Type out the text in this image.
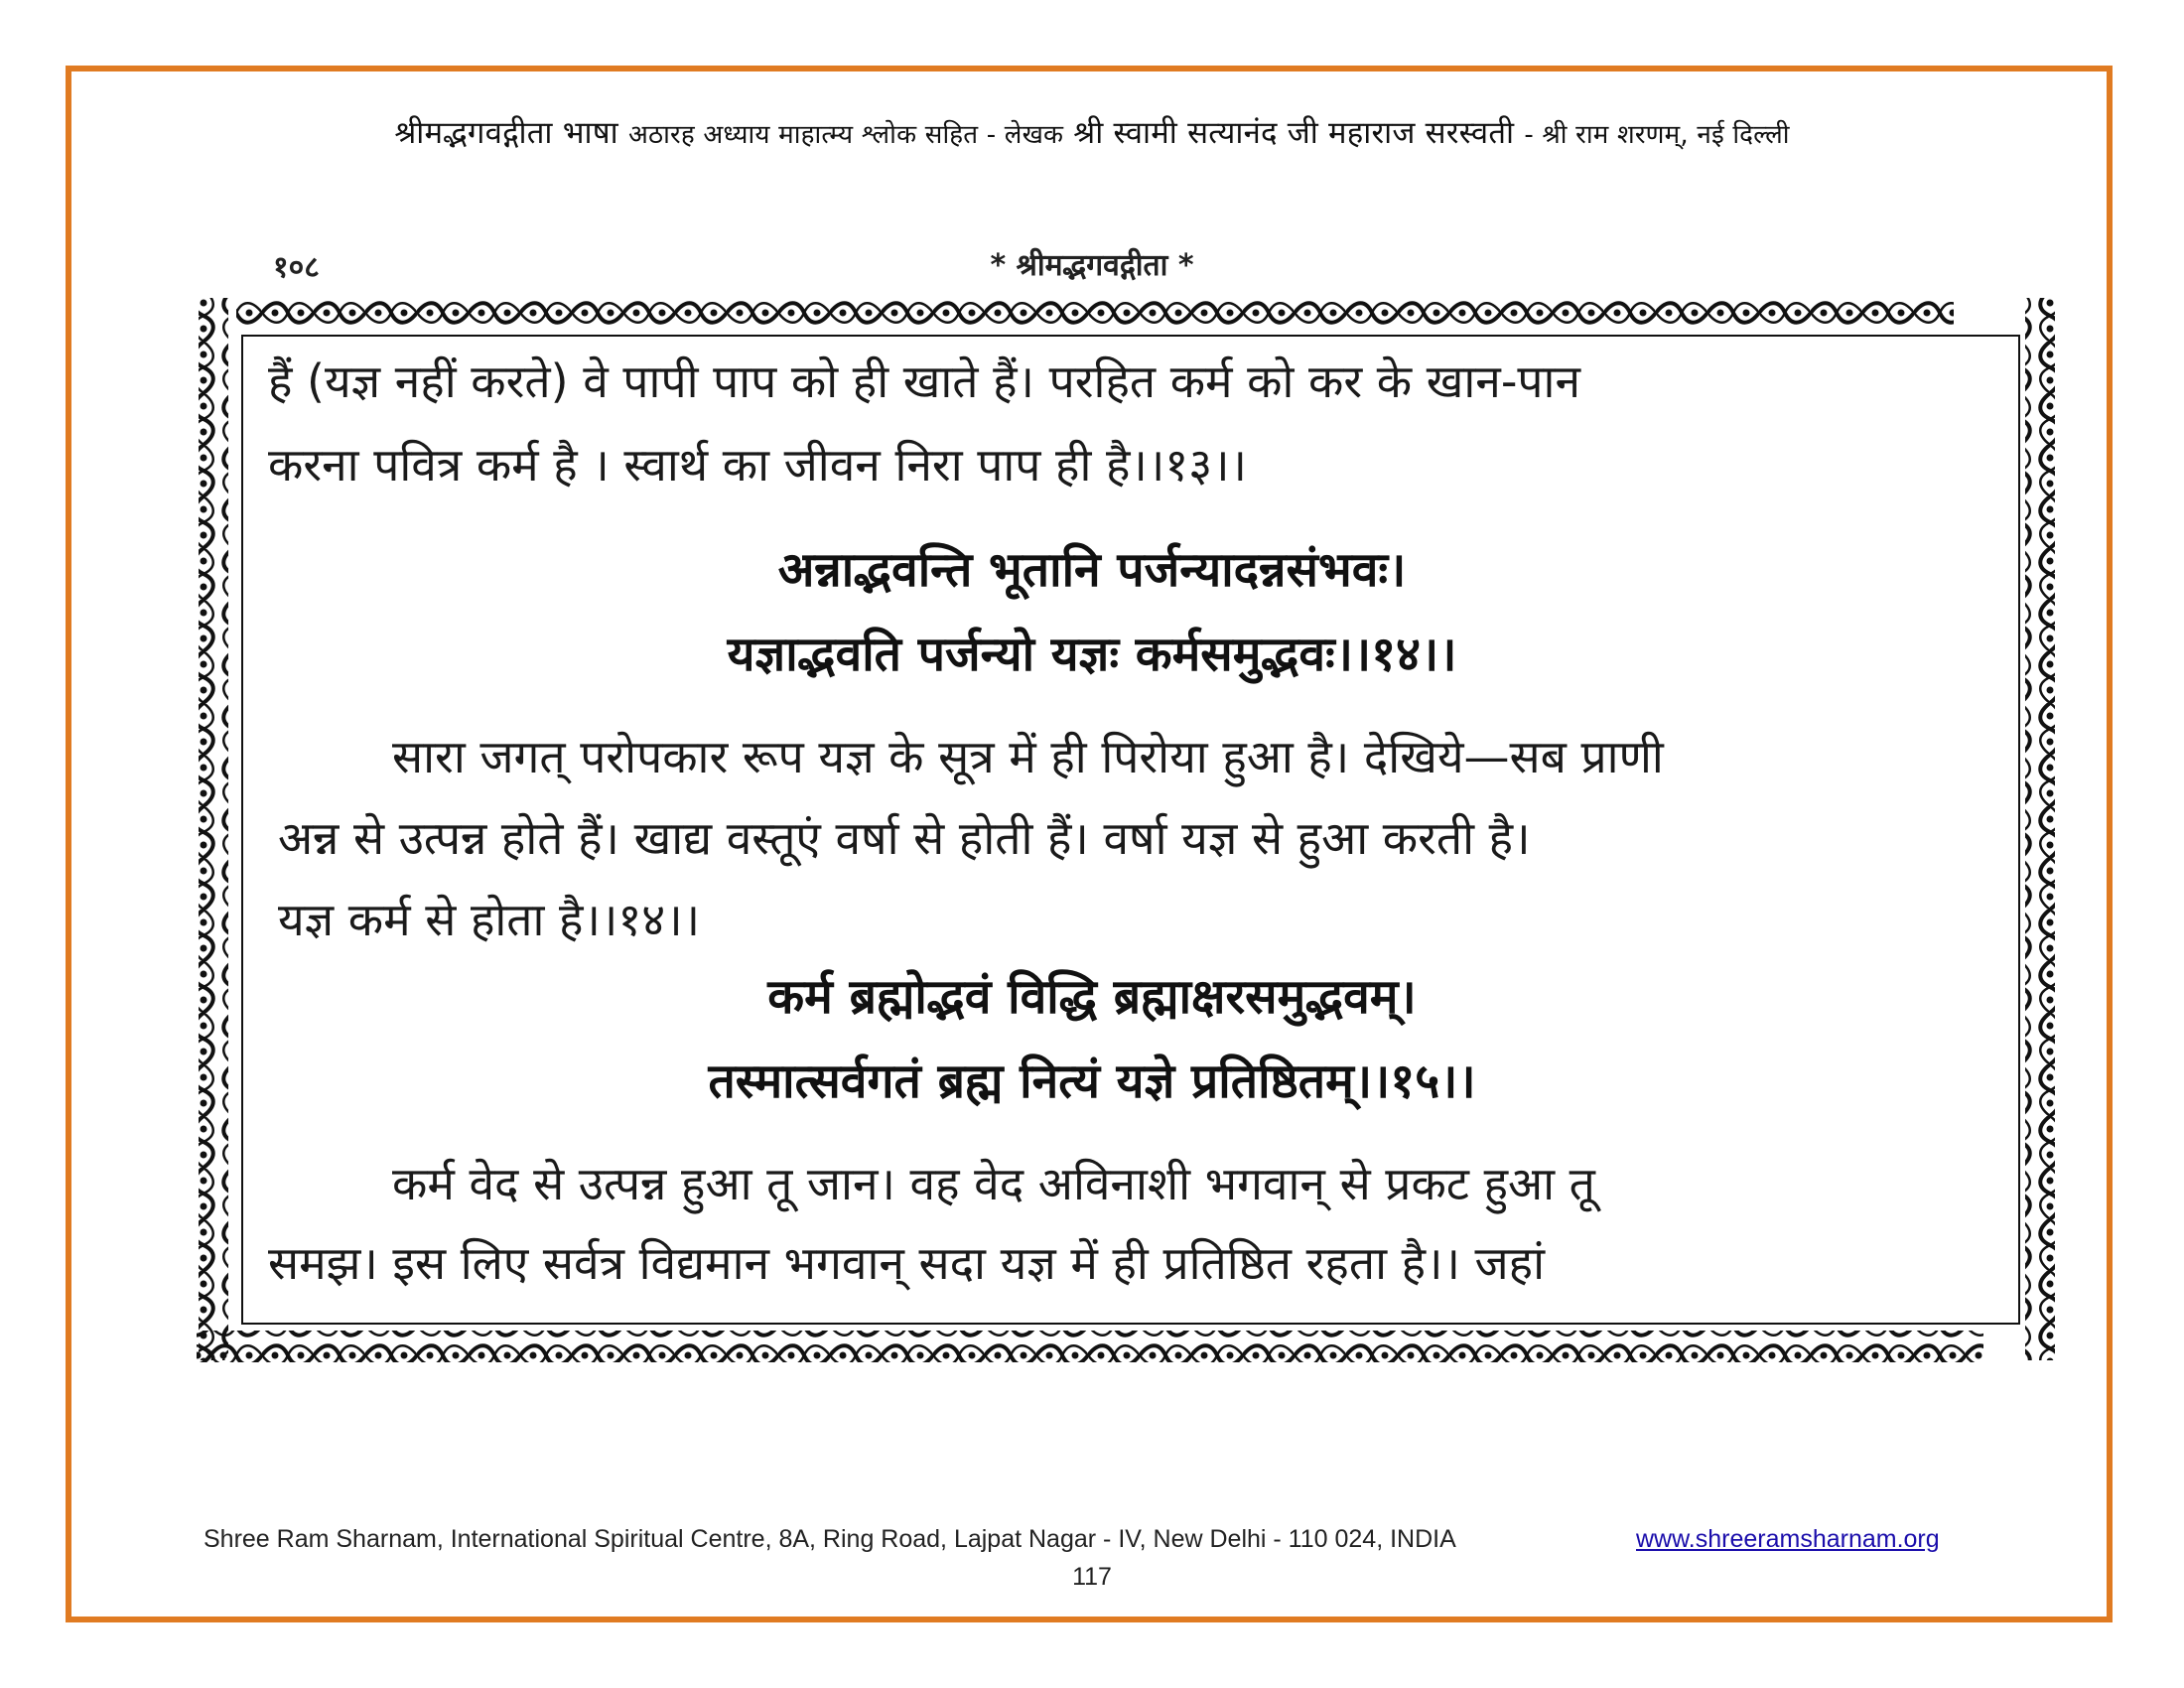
श्रीमद्भगवद्गीता भाषा अठारह अध्याय माहात्म्य श्लोक सहित - लेखक श्री स्वामी सत्यानंद जी महाराज सरस्वती - श्री राम शरणम्, नई दिल्ली
१०८	* श्रीमद्भगवद्गीता *
हैं (यज्ञ नहीं करते) वे पापी पाप को ही खाते हैं। परहित कर्म को कर के खान-पान
करना पवित्र कर्म है । स्वार्थ का जीवन निरा पाप ही है।।१३।।
अन्नाद्भवन्ति भूतानि पर्जन्यादन्नसंभवः।
यज्ञाद्भवति पर्जन्यो यज्ञः कर्मसमुद्भवः।।१४।।
सारा जगत् परोपकार रूप यज्ञ के सूत्र में ही पिरोया हुआ है। देखिये—सब प्राणी
अन्न से उत्पन्न होते हैं। खाद्य वस्तूएं वर्षा से होती हैं। वर्षा यज्ञ से हुआ करती है।
यज्ञ कर्म से होता है।।१४।।
कर्म ब्रह्मोद्भवं विद्धि ब्रह्माक्षरसमुद्भवम्।
तस्मात्सर्वगतं ब्रह्म नित्यं यज्ञे प्रतिष्ठितम्।।१५।।
कर्म वेद से उत्पन्न हुआ तू जान। वह वेद अविनाशी भगवान् से प्रकट हुआ तू
समझ। इस लिए सर्वत्र विद्यमान भगवान् सदा यज्ञ में ही प्रतिष्ठित रहता है।। जहां
Shree Ram Sharnam, International Spiritual Centre, 8A, Ring Road, Lajpat Nagar - IV, New Delhi - 110 024, INDIA	www.shreeramsharnam.org
117
